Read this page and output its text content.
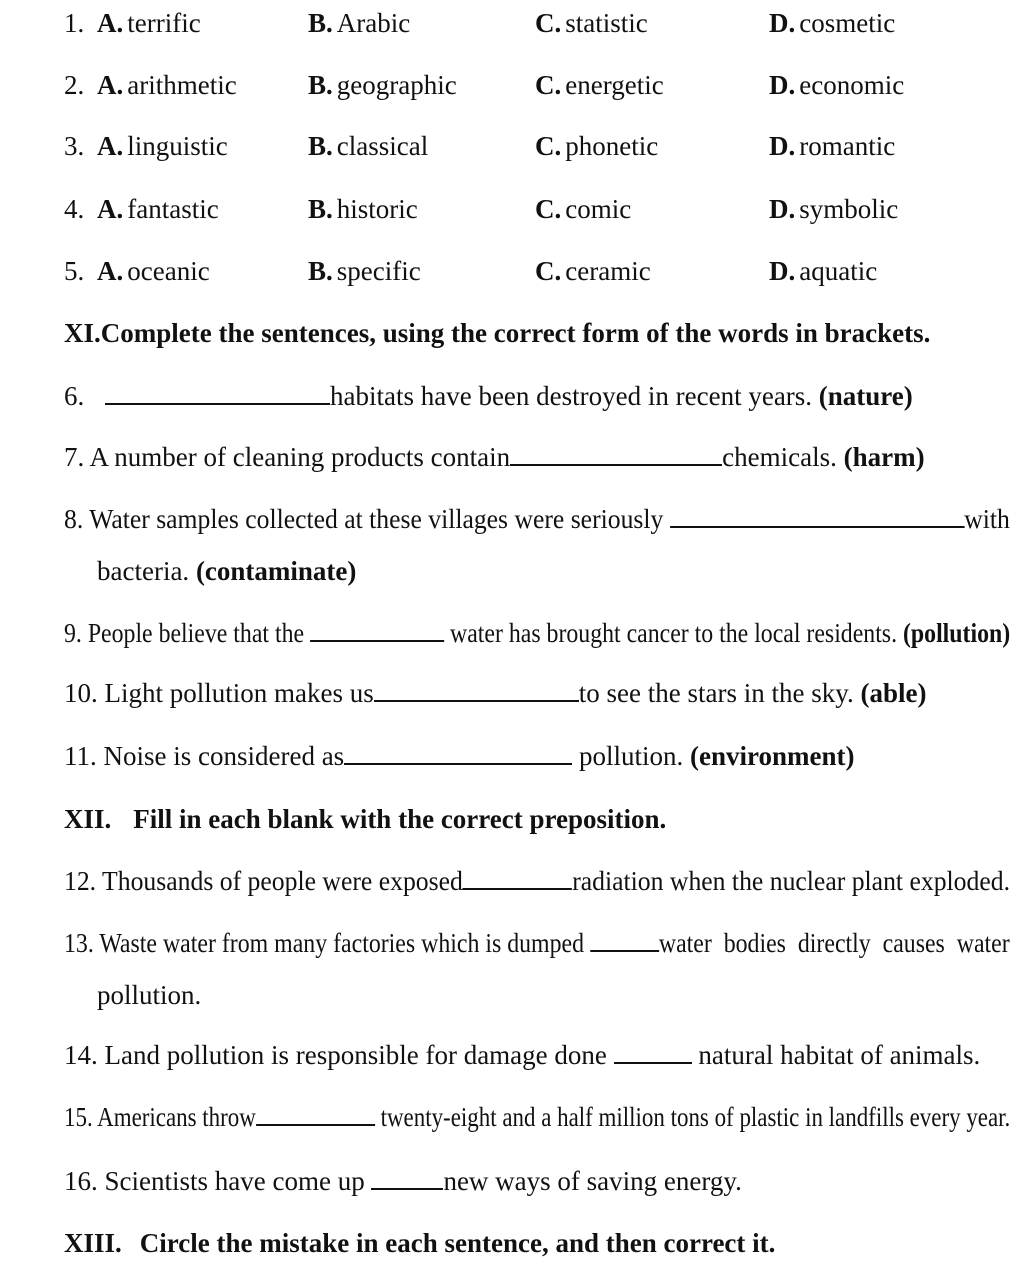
1. A. terrific	B. Arabic	C. statistic	D. cosmetic
2. A. arithmetic	B. geographic	C. energetic	D. economic
3. A. linguistic	B. classical	C. phonetic	D. romantic
4. A. fantastic	B. historic	C. comic	D. symbolic
5. A. oceanic	B. specific	C. ceramic	D. aquatic
XI.Complete the sentences, using the correct form of the words in brackets.
6.	habitats have been destroyed in recent years. (nature)
7. A number of cleaning products contain	chemicals. (harm)
8. Water samples collected at these villages were seriously	with
bacteria. (contaminate)
9. People believe that the	water has brought cancer to the local residents. (pollution)
10. Light pollution makes us	to see the stars in the sky. (able)
11. Noise is considered as	pollution. (environment)
XII. Fill in each blank with the correct preposition.
12. Thousands of people were exposed	radiation when the nuclear plant exploded.
13. Waste water from many factories which is dumped	water  bodies  directly  causes  water
pollution.
14. Land pollution is responsible for damage done	natural habitat of animals.
15. Americans throw	twenty-eight and a half million tons of plastic in landfills every year.
16. Scientists have come up	new ways of saving energy.
XIII. Circle the mistake in each sentence, and then correct it.
